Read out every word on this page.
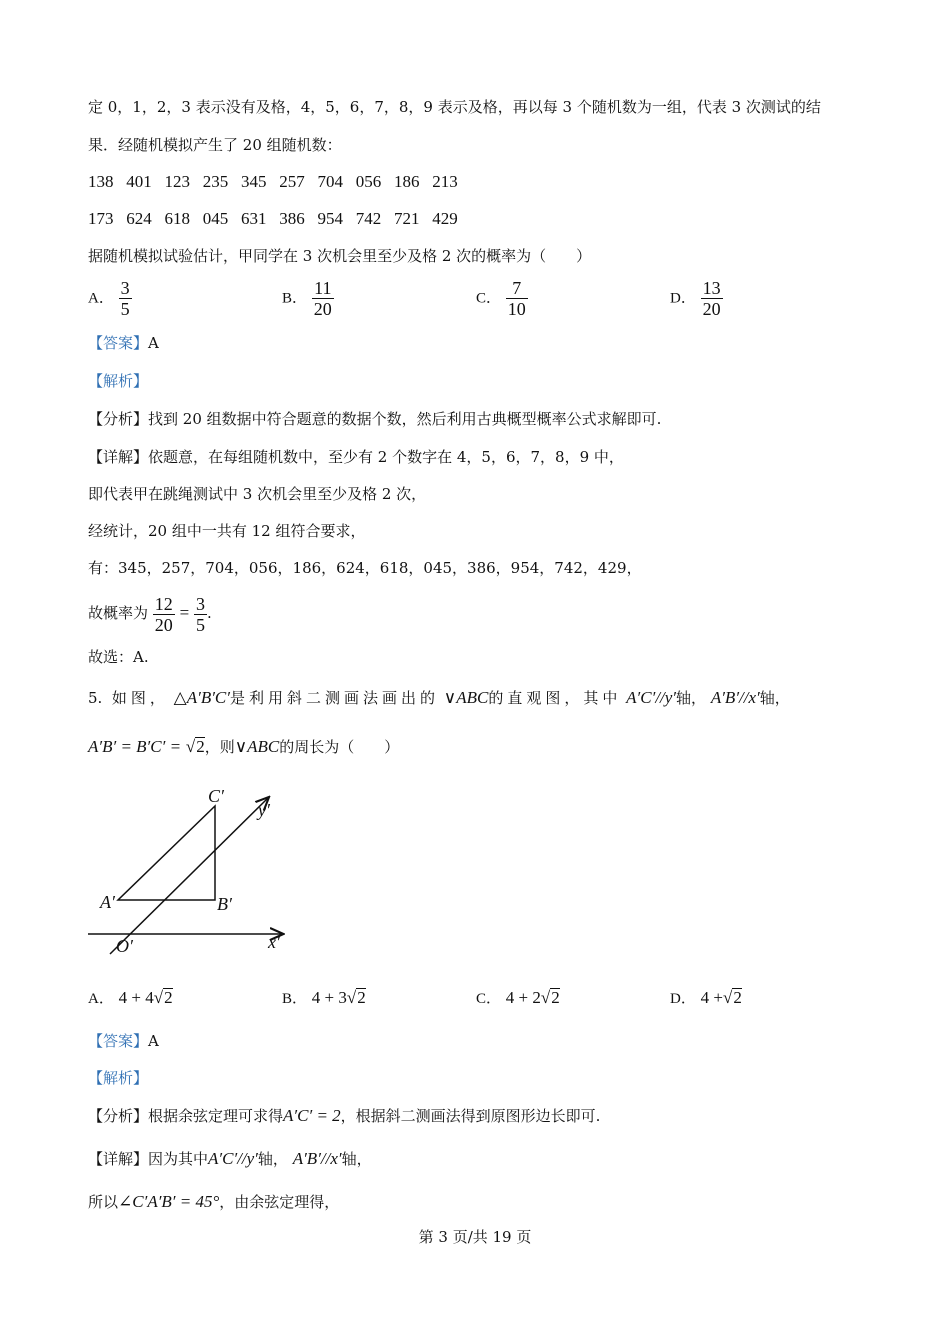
定 0，1，2，3 表示没有及格，4，5，6，7，8，9 表示及格，再以每 3 个随机数为一组，代表 3 次测试的结
果．经随机模拟产生了 20 组随机数：
138   401   123   235   345   257   704   056   186   213
173   624   618   045   631   386   954   742   721   429
据随机模拟试验估计，甲同学在 3 次机会里至少及格 2 次的概率为（　　）
A． $\frac{3}{5}$	B． $\frac{11}{20}$	C． $\frac{7}{10}$	D． $\frac{13}{20}$
【答案】A
【解析】
【分析】找到 20 组数据中符合题意的数据个数，然后利用古典概型概率公式求解即可.
【详解】依题意，在每组随机数中，至少有 2 个数字在 4，5，6，7，8，9 中，
即代表甲在跳绳测试中 3 次机会里至少及格 2 次，
经统计，20 组中一共有 12 组符合要求，
有：345，257，704，056，186，624，618，045，386，954，742，429，
故概率为 $\frac{12}{20} = \frac{3}{5}$ .
故选：A.
5. 如图， △A′B′C′是利用斜二测画法画出的 ∨ABC的直观图，其中 A′C′//y′轴， A′B′//x′轴，
A′B′ = B′C′ = √2，则∨ABC的周长为（　　）
C′
y′
A′	B′
O′	x′
A． 4 + 4√2	B． 4 + 3√2	C． 4 + 2√2	D． 4 +√2
【答案】A
【解析】
【分析】根据余弦定理可求得A′C′ = 2，根据斜二测画法得到原图形边长即可.
【详解】因为其中A′C′//y′轴， A′B′//x′轴，
所以∠C′A′B′ = 45°，由余弦定理得，
第 3 页/共 19 页
